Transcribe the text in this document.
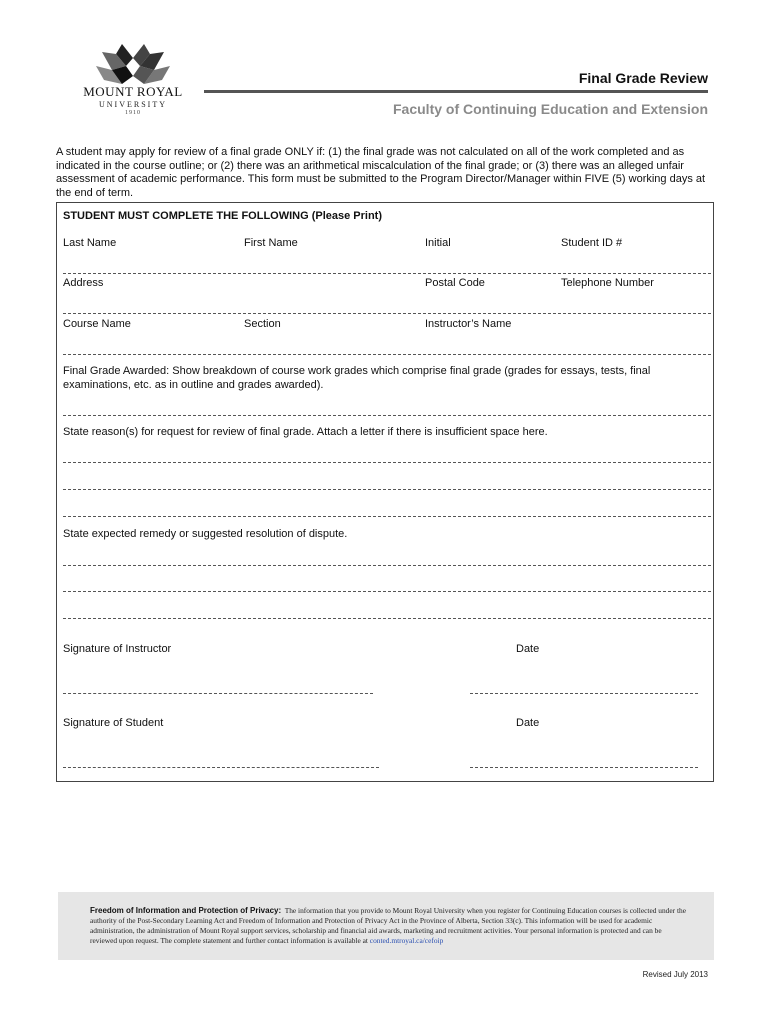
MOUNT ROYAL
UNIVERSITY
1910
Final Grade Review
Faculty of Continuing Education and Extension
A student may apply for review of a final grade ONLY if: (1) the final grade was not calculated on all of the work completed and as indicated in the course outline; or (2) there was an arithmetical miscalculation of the final grade; or (3) there was an alleged unfair assessment of academic performance. This form must be submitted to the Program Director/Manager within FIVE (5) working days at the end of term.
STUDENT MUST COMPLETE THE FOLLOWING (Please Print)
Last Name	First Name	Initial	Student ID #
Address	Postal Code	Telephone Number
Course Name	Section	Instructor’s Name
Final Grade Awarded: Show breakdown of course work grades which comprise final grade (grades for essays, tests, final examinations, etc. as in outline and grades awarded).
State reason(s) for request for review of final grade. Attach a letter if there is insufficient space here.
State expected remedy or suggested resolution of dispute.
Signature of Instructor	Date
Signature of Student	Date
Freedom of Information and Protection of Privacy: The information that you provide to Mount Royal University when you register for Continuing Education courses is collected under the authority of the Post-Secondary Learning Act and Freedom of Information and Protection of Privacy Act in the Province of Alberta, Section 33(c). This information will be used for academic administration, the administration of Mount Royal support services, scholarship and financial aid awards, marketing and recruitment activities. Your personal information is protected and can be reviewed upon request. The complete statement and further contact information is available at conted.mtroyal.ca/cefoip
Revised July 2013
